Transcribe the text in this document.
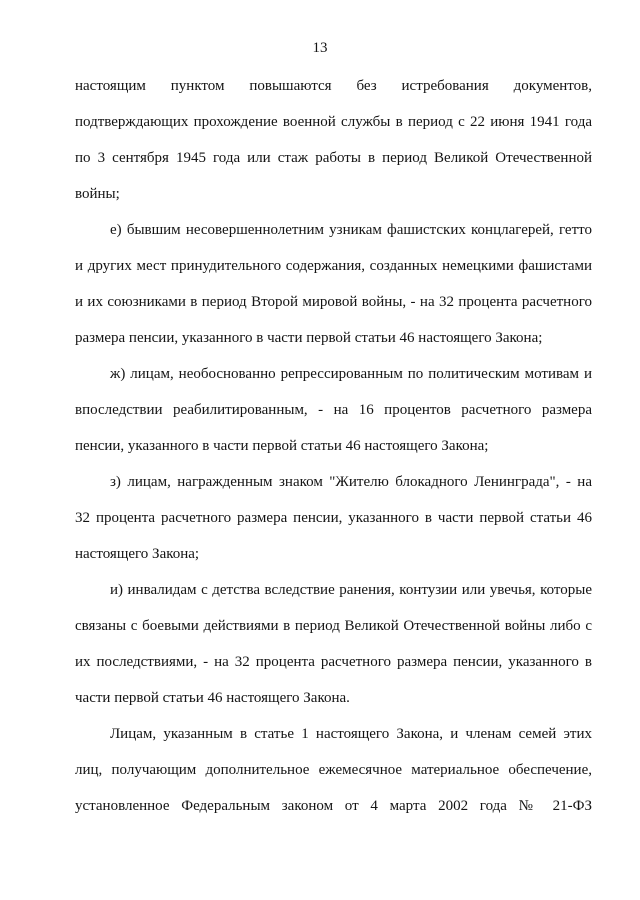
13
настоящим пунктом повышаются без истребования документов,
подтверждающих прохождение военной службы в период с 22 июня 1941 года
по 3 сентября 1945 года или стаж работы в период Великой Отечественной
войны;
е) бывшим несовершеннолетним узникам фашистских концлагерей, гетто
и других мест принудительного содержания, созданных немецкими фашистами
и их союзниками в период Второй мировой войны, - на 32 процента расчетного
размера пенсии, указанного в части первой статьи 46 настоящего Закона;
ж) лицам, необоснованно репрессированным по политическим мотивам и
впоследствии реабилитированным, - на 16 процентов расчетного размера
пенсии, указанного в части первой статьи 46 настоящего Закона;
з) лицам, награжденным знаком "Жителю блокадного Ленинграда", - на
32 процента расчетного размера пенсии, указанного в части первой статьи 46
настоящего Закона;
и) инвалидам с детства вследствие ранения, контузии или увечья, которые
связаны с боевыми действиями в период Великой Отечественной войны либо с
их последствиями, - на 32 процента расчетного размера пенсии, указанного в
части первой статьи 46 настоящего Закона.
Лицам, указанным в статье 1 настоящего Закона, и членам семей этих
лиц, получающим дополнительное ежемесячное материальное обеспечение,
установленное Федеральным законом от 4 марта 2002 года № 21-ФЗ
